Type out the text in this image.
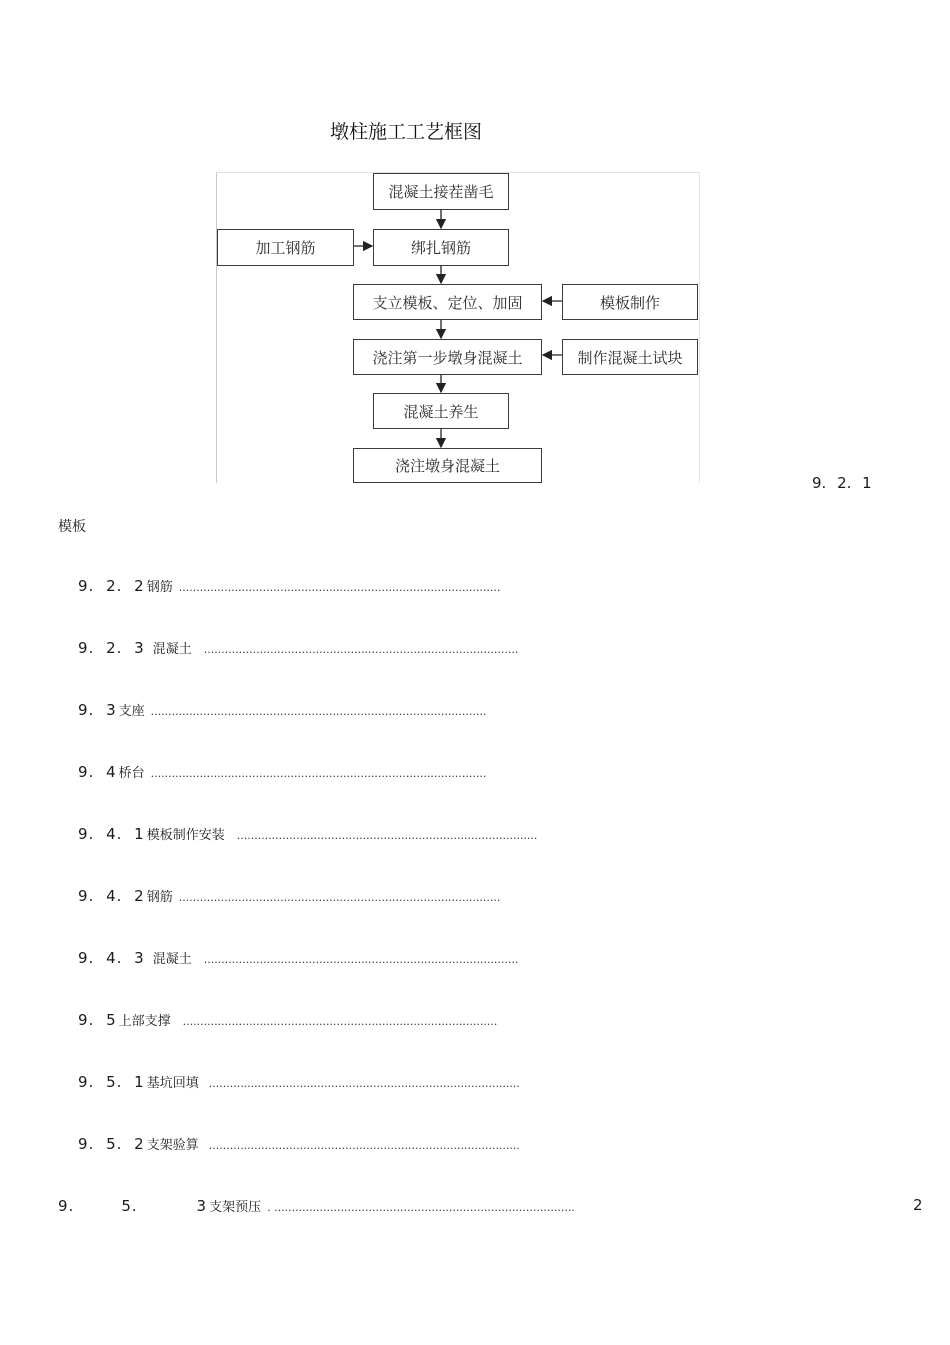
墩柱施工工艺框图
混凝土接茬凿毛
绑扎钢筋
支立模板、定位、加固
浇注第一步墩身混凝土
混凝土养生
浇注墩身混凝土
加工钢筋
模板制作
制作混凝土试块
9. 2. 1
模板
9. 2. 2 钢筋 ............................................................................................
9. 2. 3 混凝土 ..........................................................................................
9. 3 支座 ................................................................................................
9. 4 桥台 ................................................................................................
9. 4. 1 模板制作安装 ......................................................................................
9. 4. 2 钢筋 ............................................................................................
9. 4. 3 混凝土 ..........................................................................................
9. 5 上部支撑 ..........................................................................................
9. 5. 1 基坑回填 .........................................................................................
9. 5. 2 支架验算 .........................................................................................
9.    5.     3 支架预压 . ......................................................................................	2
